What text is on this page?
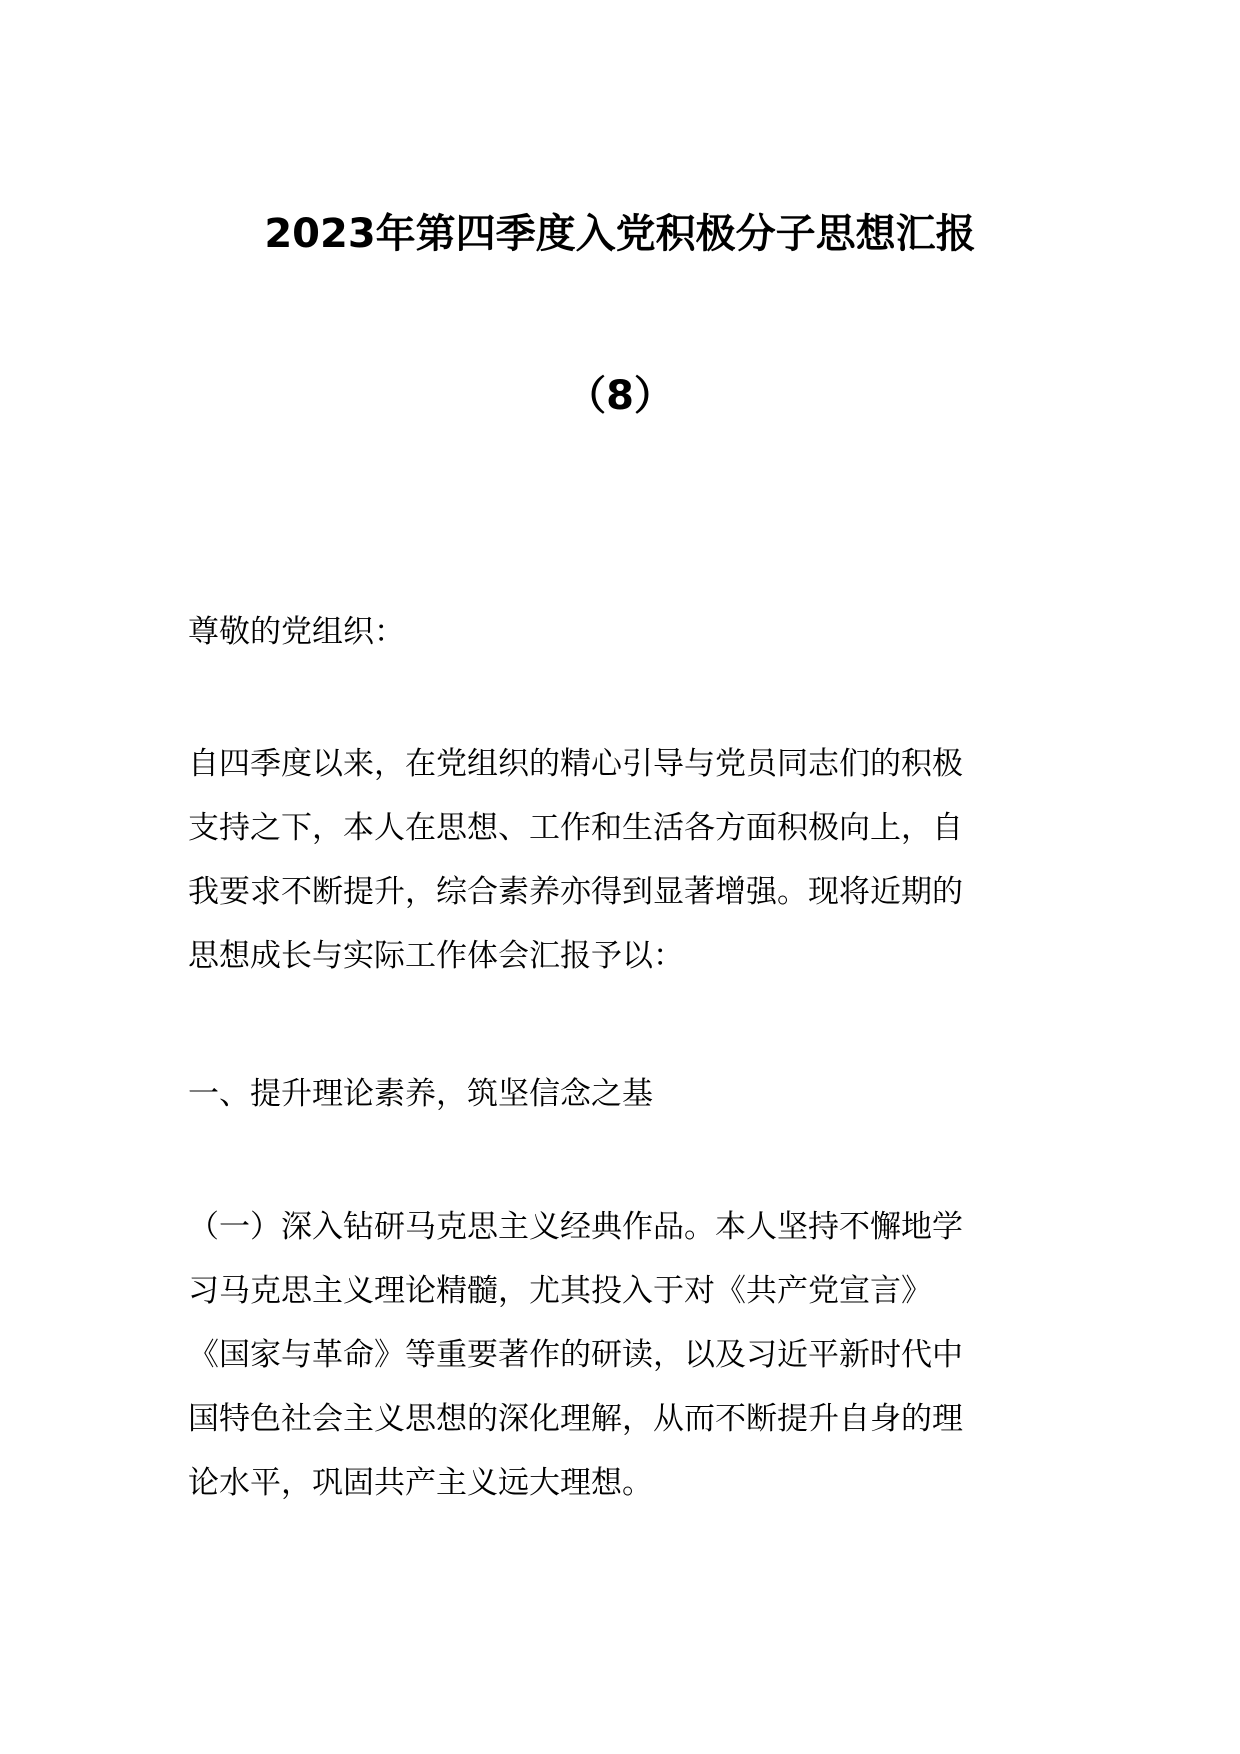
2023年第四季度入党积极分子思想汇报
（8）

尊敬的党组织：

自四季度以来，在党组织的精心引导与党员同志们的积极
支持之下，本人在思想、工作和生活各方面积极向上，自
我要求不断提升，综合素养亦得到显著增强。现将近期的
思想成长与实际工作体会汇报予以：

一、提升理论素养，筑坚信念之基

（一）深入钻研马克思主义经典作品。本人坚持不懈地学
习马克思主义理论精髓，尤其投入于对《共产党宣言》
《国家与革命》等重要著作的研读，以及习近平新时代中
国特色社会主义思想的深化理解，从而不断提升自身的理
论水平，巩固共产主义远大理想。
